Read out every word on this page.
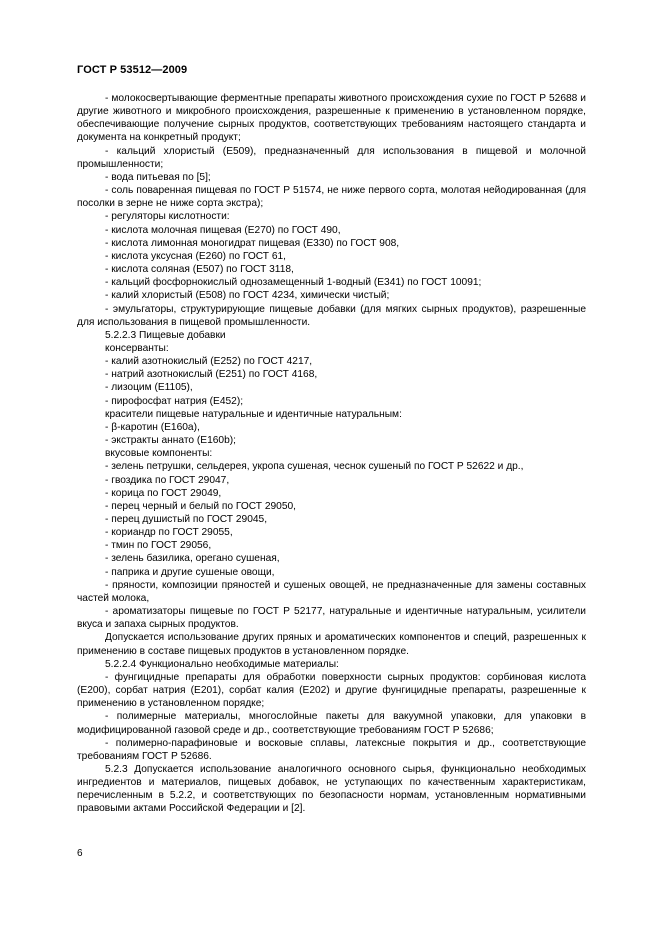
ГОСТ Р 53512—2009

- молокосвертывающие ферментные препараты животного происхождения сухие по ГОСТ Р 52688 и другие животного и микробного происхождения, разрешенные к применению в установленном порядке, обеспечивающие получение сырных продуктов, соответствующих требованиям настоящего стандарта и документа на конкретный продукт;

- кальций хлористый (Е509), предназначенный для использования в пищевой и молочной промышленности;

- вода питьевая по [5];

- соль поваренная пищевая по ГОСТ Р 51574, не ниже первого сорта, молотая нейодированная (для посолки в зерне не ниже сорта экстра);

- регуляторы кислотности:

- кислота молочная пищевая (Е270) по ГОСТ 490,

- кислота лимонная моногидрат пищевая (Е330) по ГОСТ 908,

- кислота уксусная (Е260) по ГОСТ 61,

- кислота соляная (Е507) по ГОСТ 3118,

- кальций фосфорнокислый однозамещенный 1-водный (Е341) по ГОСТ 10091;

- калий хлористый (Е508) по ГОСТ 4234, химически чистый;

- эмульгаторы, структурирующие пищевые добавки (для мягких сырных продуктов), разрешенные для использования в пищевой промышленности.

5.2.2.3 Пищевые добавки

консерванты:

- калий азотнокислый (Е252) по ГОСТ 4217,

- натрий азотнокислый (Е251) по ГОСТ 4168,

- лизоцим (Е1105),

- пирофосфат натрия (Е452);

красители пищевые натуральные и идентичные натуральным:

- β-каротин (Е160а),

- экстракты аннато (Е160b);

вкусовые компоненты:

- зелень петрушки, сельдерея, укропа сушеная, чеснок сушеный по ГОСТ Р 52622 и др.,

- гвоздика по ГОСТ 29047,

- корица по ГОСТ 29049,

- перец черный и белый по ГОСТ 29050,

- перец душистый по ГОСТ 29045,

- кориандр по ГОСТ 29055,

- тмин по ГОСТ 29056,

- зелень базилика, орегано сушеная,

- паприка и другие сушеные овощи,

- пряности, композиции пряностей и сушеных овощей, не предназначенные для замены составных частей молока,

- ароматизаторы пищевые по ГОСТ Р 52177, натуральные и идентичные натуральным, усилители вкуса и запаха сырных продуктов.

Допускается использование других пряных и ароматических компонентов и специй, разрешенных к применению в составе пищевых продуктов в установленном порядке.

5.2.2.4 Функционально необходимые материалы:

- фунгицидные препараты для обработки поверхности сырных продуктов: сорбиновая кислота (Е200), сорбат натрия (Е201), сорбат калия (Е202) и другие фунгицидные препараты, разрешенные к применению в установленном порядке;

- полимерные материалы, многослойные пакеты для вакуумной упаковки, для упаковки в модифицированной газовой среде и др., соответствующие требованиям ГОСТ Р 52686;

- полимерно-парафиновые и восковые сплавы, латексные покрытия и др., соответствующие требованиям ГОСТ Р 52686.

5.2.3 Допускается использование аналогичного основного сырья, функционально необходимых ингредиентов и материалов, пищевых добавок, не уступающих по качественным характеристикам, перечисленным в 5.2.2, и соответствующих по безопасности нормам, установленным нормативными правовыми актами Российской Федерации и [2].

6
